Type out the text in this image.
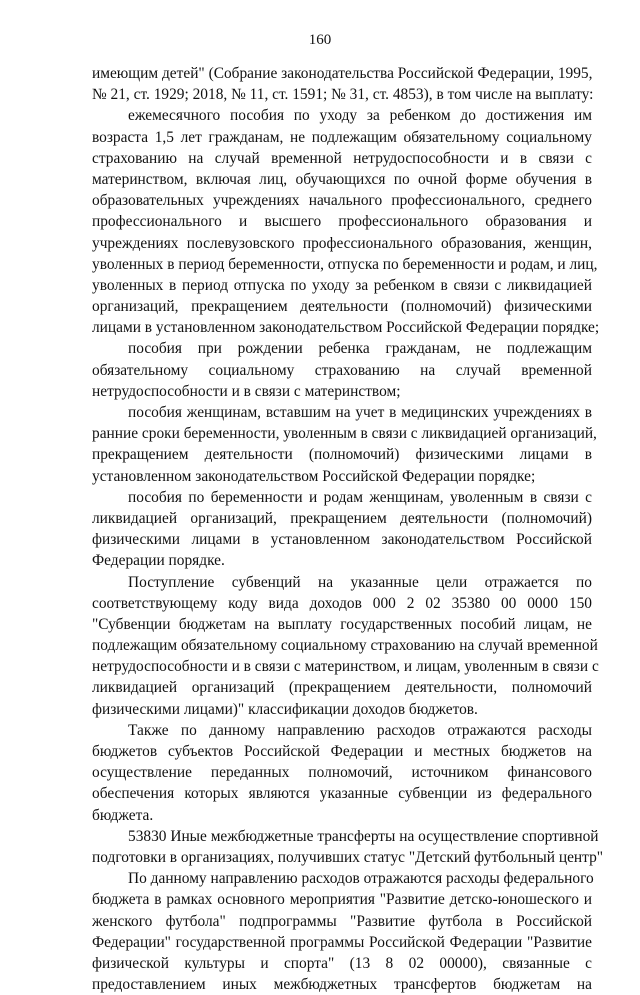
160
имеющим детей" (Собрание законодательства Российской Федерации, 1995,
№ 21, ст. 1929; 2018, № 11, ст. 1591; № 31, ст. 4853), в том числе на выплату:
ежемесячного пособия по уходу за ребенком до достижения им
возраста 1,5 лет гражданам, не подлежащим обязательному социальному
страхованию на случай временной нетрудоспособности и в связи с
материнством, включая лиц, обучающихся по очной форме обучения в
образовательных учреждениях начального профессионального, среднего
профессионального и высшего профессионального образования и
учреждениях послевузовского профессионального образования, женщин,
уволенных в период беременности, отпуска по беременности и родам, и лиц,
уволенных в период отпуска по уходу за ребенком в связи с ликвидацией
организаций, прекращением деятельности (полномочий) физическими
лицами в установленном законодательством Российской Федерации порядке;
пособия при рождении ребенка гражданам, не подлежащим
обязательному социальному страхованию на случай временной
нетрудоспособности и в связи с материнством;
пособия женщинам, вставшим на учет в медицинских учреждениях в
ранние сроки беременности, уволенным в связи с ликвидацией организаций,
прекращением деятельности (полномочий) физическими лицами в
установленном законодательством Российской Федерации порядке;
пособия по беременности и родам женщинам, уволенным в связи с
ликвидацией организаций, прекращением деятельности (полномочий)
физическими лицами в установленном законодательством Российской
Федерации порядке.
Поступление субвенций на указанные цели отражается по
соответствующему коду вида доходов 000 2 02 35380 00 0000 150
"Субвенции бюджетам на выплату государственных пособий лицам, не
подлежащим обязательному социальному страхованию на случай временной
нетрудоспособности и в связи с материнством, и лицам, уволенным в связи с
ликвидацией организаций (прекращением деятельности, полномочий
физическими лицами)" классификации доходов бюджетов.
Также по данному направлению расходов отражаются расходы
бюджетов субъектов Российской Федерации и местных бюджетов на
осуществление переданных полномочий, источником финансового
обеспечения которых являются указанные субвенции из федерального
бюджета.
53830 Иные межбюджетные трансферты на осуществление спортивной
подготовки в организациях, получивших статус "Детский футбольный центр"
По данному направлению расходов отражаются расходы федерального
бюджета в рамках основного мероприятия "Развитие детско-юношеского и
женского футбола" подпрограммы "Развитие футбола в Российской
Федерации" государственной программы Российской Федерации "Развитие
физической культуры и спорта" (13 8 02 00000), связанные с
предоставлением иных межбюджетных трансфертов бюджетам на
